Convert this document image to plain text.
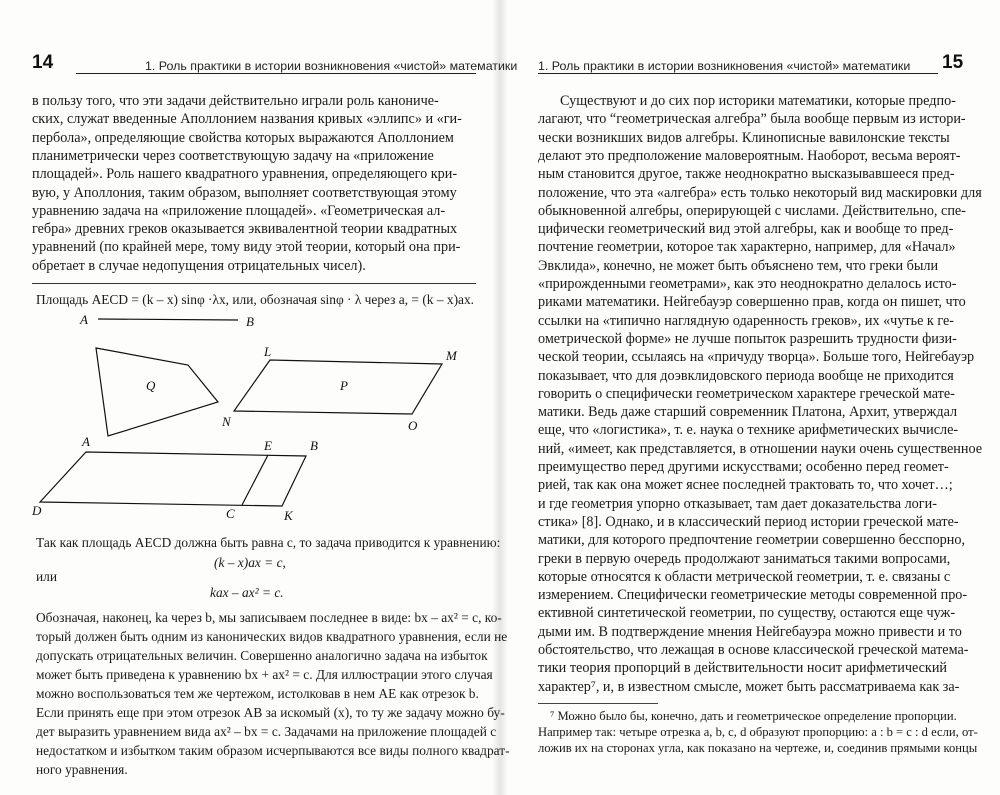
14	1. Роль практики в истории возникновения «чистой» математики
в пользу того, что эти задачи действительно играли роль канониче-
ских, служат введенные Аполлонием названия кривых «эллипс» и «ги-
пербола», определяющие свойства которых выражаются Аполлонием
планиметрически через соответствующую задачу на «приложение
площадей». Роль нашего квадратного уравнения, определяющего кри-
вую, у Аполлония, таким образом, выполняет соответствующая этому
уравнению задача на «приложение площадей». «Геометрическая ал-
гебра» древних греков оказывается эквивалентной теории квадратных
уравнений (по крайней мере, тому виду этой теории, который она при-
обретает в случае недопущения отрицательных чисел).
Площадь AECD = (k – x) sinφ ·λx, или, обозначая sinφ · λ через a, = (k – x)ax.
A	B
Q
L	M
N	O
P
A	E	B
D	C	K
Так как площадь AECD должна быть равна c, то задача приводится к уравнению:
(k – x)ax = c,
или
kax – ax² = c.
Обозначая, наконец, ka через b, мы записываем последнее в виде: bx – ax² = c, ко-
торый должен быть одним из канонических видов квадратного уравнения, если не
допускать отрицательных величин. Совершенно аналогично задача на избыток
может быть приведена к уравнению bx + ax² = c. Для иллюстрации этого случая
можно воспользоваться тем же чертежом, истолковав в нем AE как отрезок b.
Если принять еще при этом отрезок AB за искомый (x), то ту же задачу можно бу-
дет выразить уравнением вида ax² – bx = c. Задачами на приложение площадей с
недостатком и избытком таким образом исчерпываются все виды полного квадрат-
ного уравнения.
1. Роль практики в истории возникновения «чистой» математики 15
Существуют и до сих пор историки математики, которые предпо-
лагают, что “геометрическая алгебра” была вообще первым из истори-
чески возникших видов алгебры. Клинописные вавилонские тексты
делают это предположение маловероятным. Наоборот, весьма вероят-
ным становится другое, также неоднократно высказывавшееся пред-
положение, что эта «алгебра» есть только некоторый вид маскировки для
обыкновенной алгебры, оперирующей с числами. Действительно, спе-
цифически геометрический вид этой алгебры, как и вообще то пред-
почтение геометрии, которое так характерно, например, для «Начал»
Эвклида», конечно, не может быть объяснено тем, что греки были
«прирожденными геометрами», как это неоднократно делалось исто-
риками математики. Нейгебауэр совершенно прав, когда он пишет, что
ссылки на «типично наглядную одаренность греков», их «чутье к ге-
ометрической форме» не лучше попыток разрешить трудности физи-
ческой теории, ссылаясь на «причуду творца». Больше того, Нейгебауэр
показывает, что для доэвклидовского периода вообще не приходится
говорить о специфически геометрическом характере греческой мате-
матики. Ведь даже старший современник Платона, Архит, утверждал
еще, что «логистика», т. е. наука о технике арифметических вычисле-
ний, «имеет, как представляется, в отношении науки очень существенное
преимущество перед другими искусствами; особенно перед геомет-
рией, так как она может яснее последней трактовать то, что хочет…;
и где геометрия упорно отказывает, там дает доказательства логи-
стика» [8]. Однако, и в классический период истории греческой мате-
матики, для которого предпочтение геометрии совершенно бесспорно,
греки в первую очередь продолжают заниматься такими вопросами,
которые относятся к области метрической геометрии, т. е. связаны с
измерением. Специфически геометрические методы современной про-
ективной синтетической геометрии, по существу, остаются еще чуж-
дыми им. В подтверждение мнения Нейгебауэра можно привести и то
обстоятельство, что лежащая в основе классической греческой матема-
тики теория пропорций в действительности носит арифметический
характер⁷, и, в известном смысле, может быть рассматриваема как за-
⁷ Можно было бы, конечно, дать и геометрическое определение пропорции.
Например так: четыре отрезка a, b, c, d образуют пропорцию: a : b = c : d если, от-
ложив их на сторонах угла, как показано на чертеже, и, соединив прямыми концы
